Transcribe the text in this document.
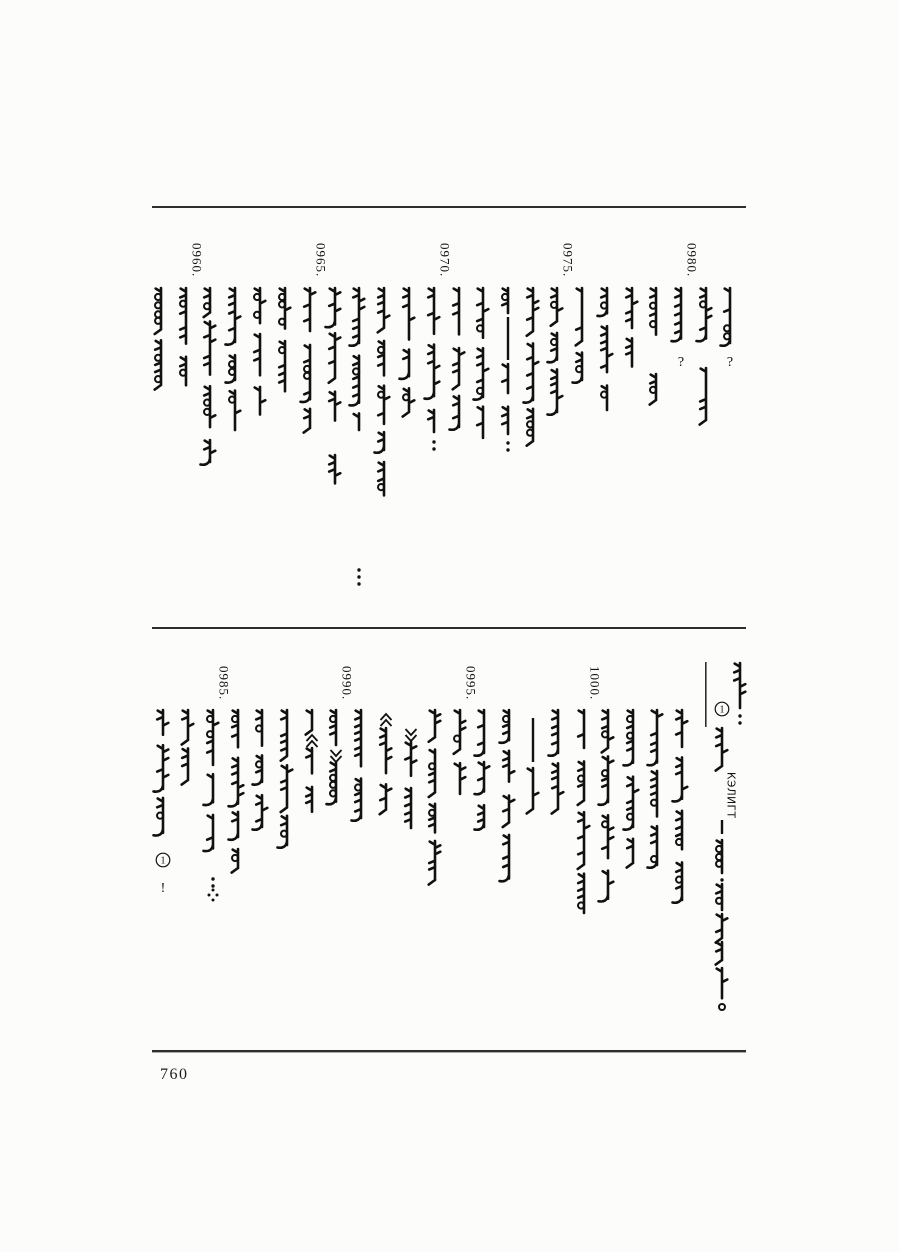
0960.	0965.	0970.	0975.	0980.
?	?
0985.	0990.	0995.	1000.
1
!
1
КЭЛИГТ
760
